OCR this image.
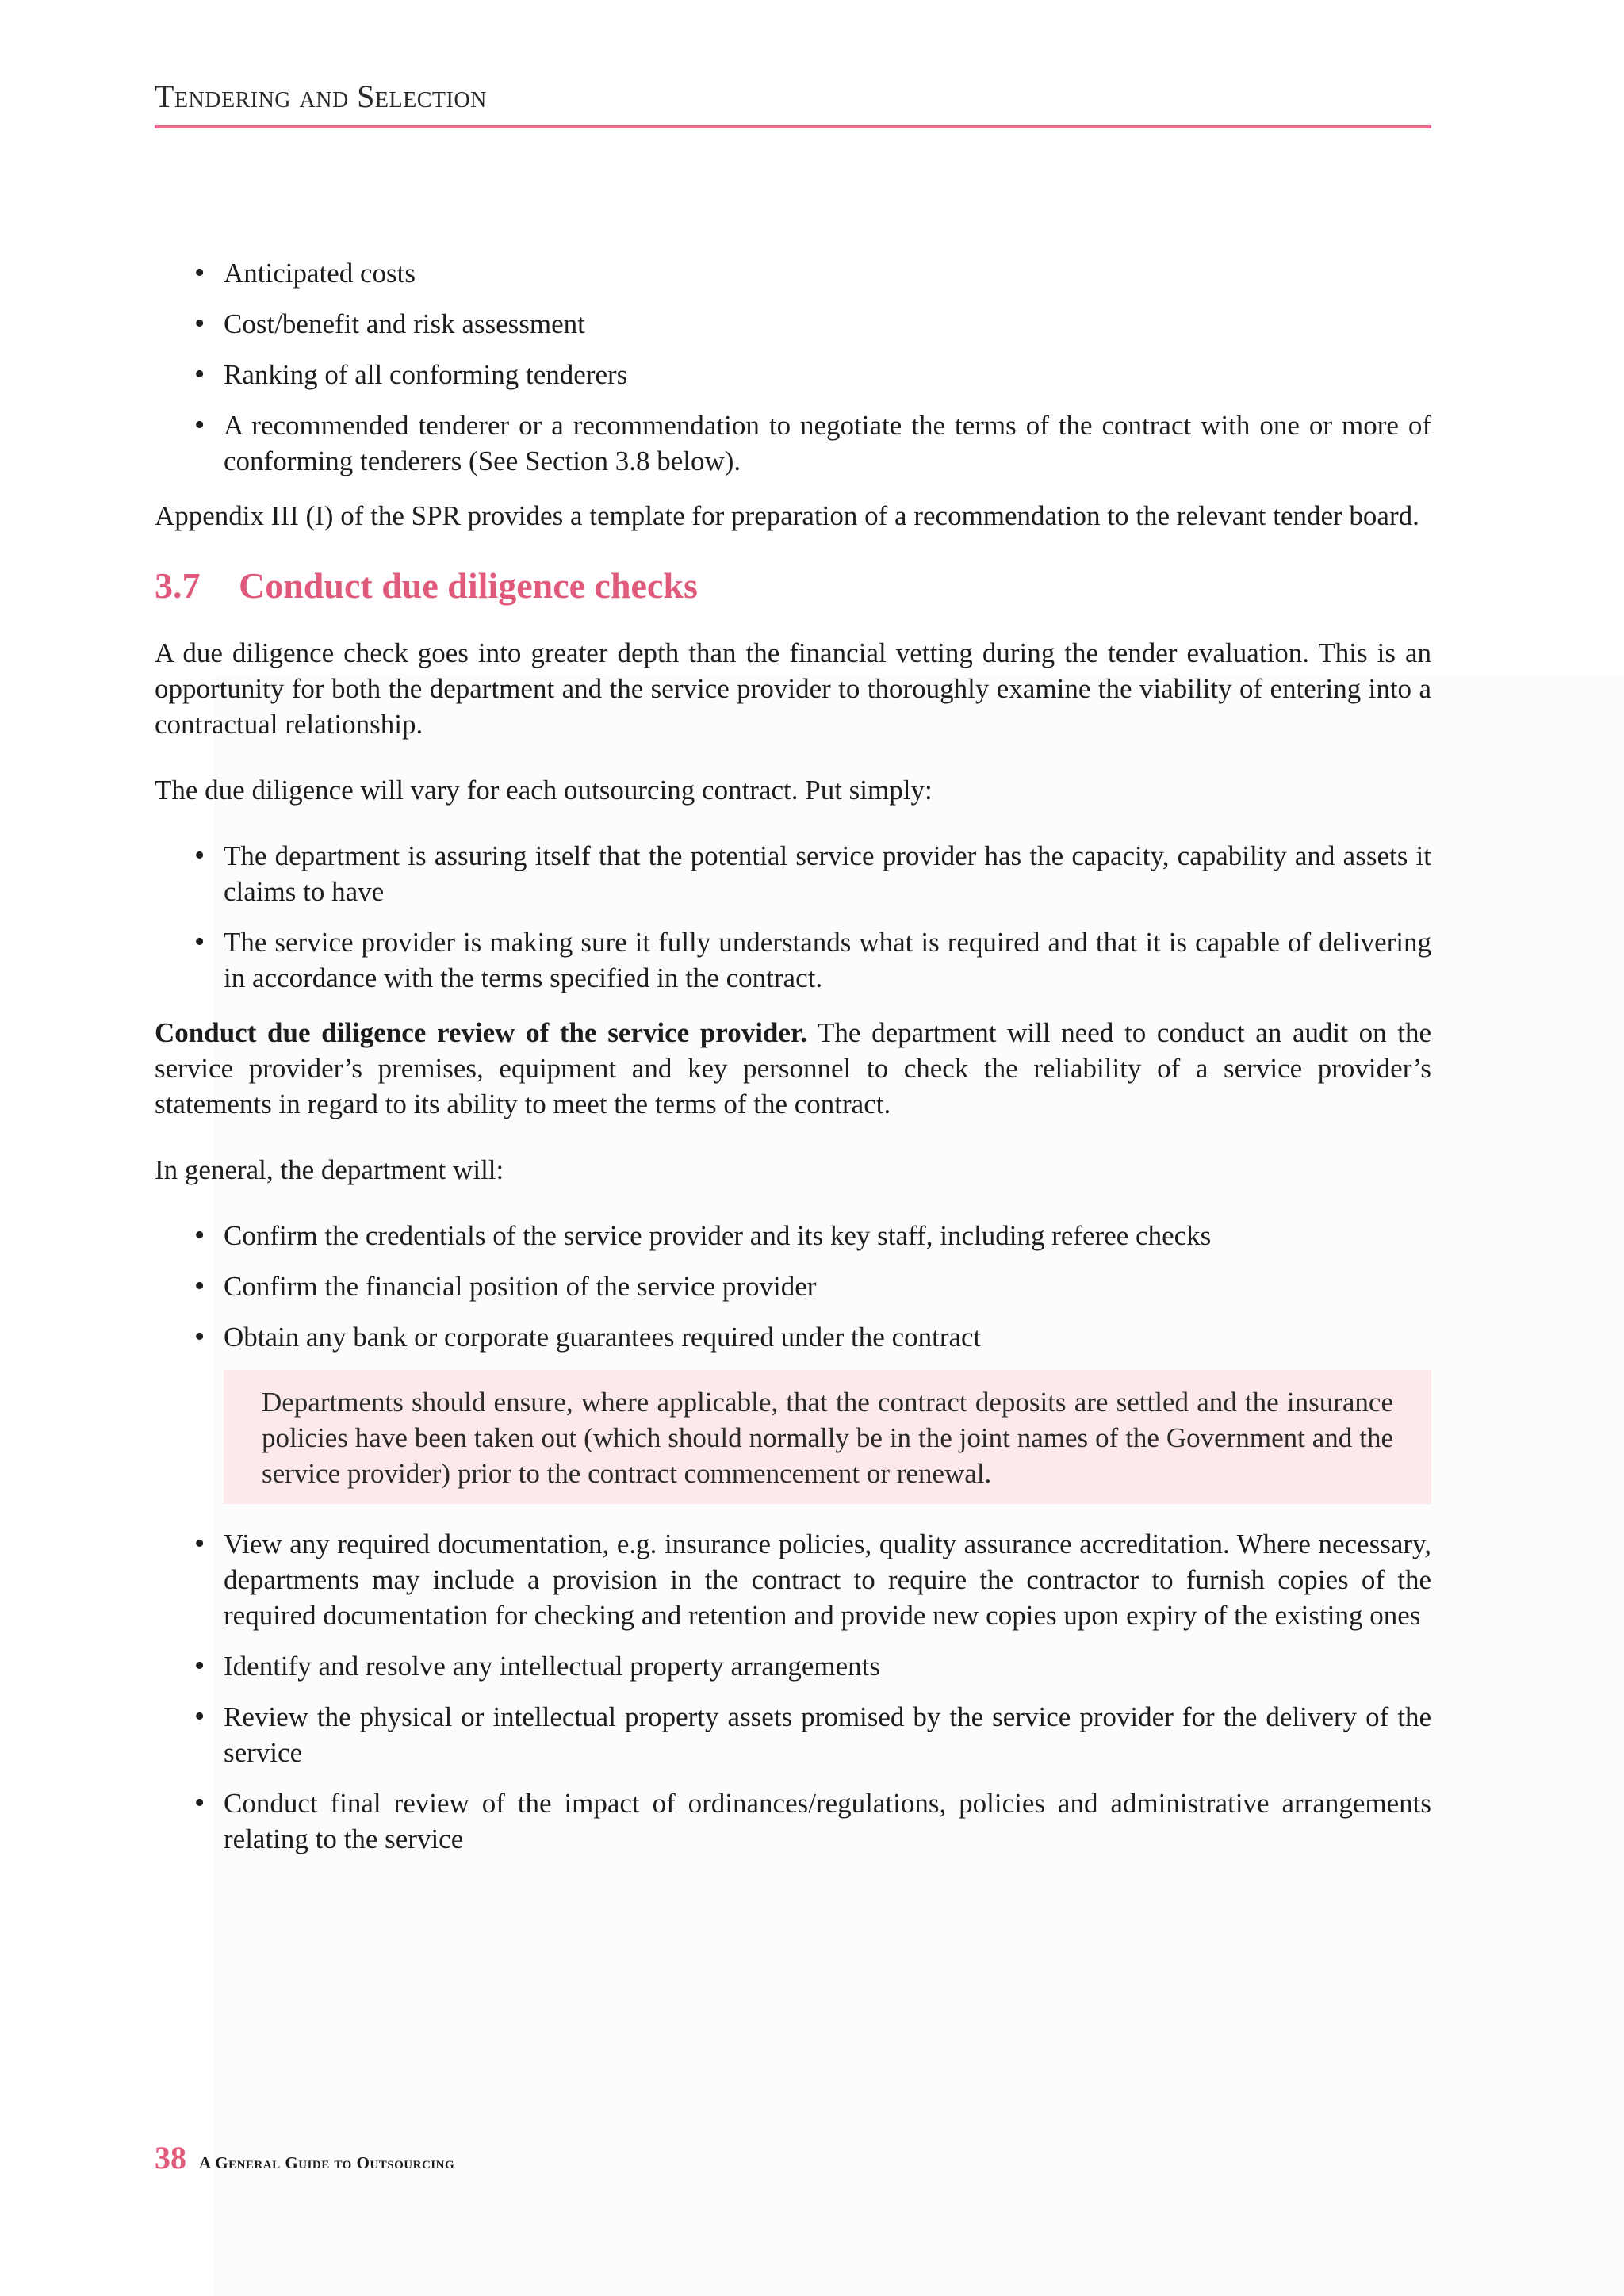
Tendering and Selection
• Anticipated costs
• Cost/benefit and risk assessment
• Ranking of all conforming tenderers
• A recommended tenderer or a recommendation to negotiate the terms of the contract with one or more of conforming tenderers (See Section 3.8 below).

Appendix III (I) of the SPR provides a template for preparation of a recommendation to the relevant tender board.

3.7 Conduct due diligence checks

A due diligence check goes into greater depth than the financial vetting during the tender evaluation. This is an opportunity for both the department and the service provider to thoroughly examine the viability of entering into a contractual relationship.

The due diligence will vary for each outsourcing contract. Put simply:

• The department is assuring itself that the potential service provider has the capacity, capability and assets it claims to have
• The service provider is making sure it fully understands what is required and that it is capable of delivering in accordance with the terms specified in the contract.

Conduct due diligence review of the service provider. The department will need to conduct an audit on the service provider’s premises, equipment and key personnel to check the reliability of a service provider’s statements in regard to its ability to meet the terms of the contract.

In general, the department will:

• Confirm the credentials of the service provider and its key staff, including referee checks
• Confirm the financial position of the service provider
• Obtain any bank or corporate guarantees required under the contract
Departments should ensure, where applicable, that the contract deposits are settled and the insurance policies have been taken out (which should normally be in the joint names of the Government and the service provider) prior to the contract commencement or renewal.
• View any required documentation, e.g. insurance policies, quality assurance accreditation. Where necessary, departments may include a provision in the contract to require the contractor to furnish copies of the required documentation for checking and retention and provide new copies upon expiry of the existing ones
• Identify and resolve any intellectual property arrangements
• Review the physical or intellectual property assets promised by the service provider for the delivery of the service
• Conduct final review of the impact of ordinances/regulations, policies and administrative arrangements relating to the service
38 A General Guide to Outsourcing
